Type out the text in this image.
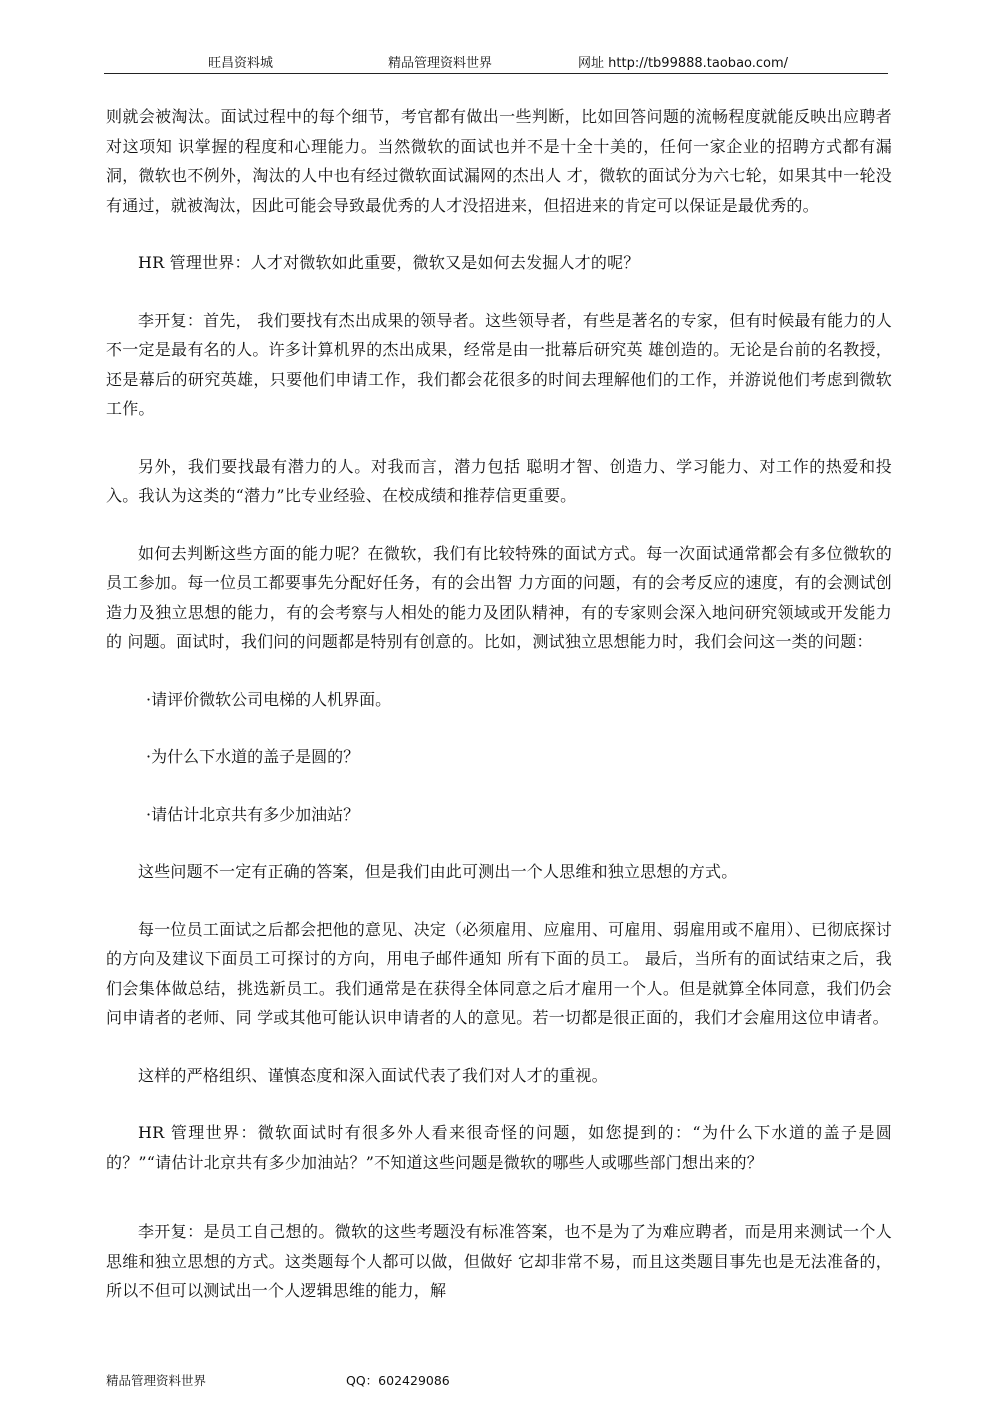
旺昌资料城	精品管理资料世界	网址 http://tb99888.taobao.com/

则就会被淘汰。面试过程中的每个细节，考官都有做出一些判断，比如回答问题的流畅程度就能反映出应聘者对这项知 识掌握的程度和心理能力。当然微软的面试也并不是十全十美的，任何一家企业的招聘方式都有漏洞，微软也不例外，淘汰的人中也有经过微软面试漏网的杰出人 才，微软的面试分为六七轮，如果其中一轮没有通过，就被淘汰，因此可能会导致最优秀的人才没招进来，但招进来的肯定可以保证是最优秀的。

HR 管理世界：人才对微软如此重要，微软又是如何去发掘人才的呢？

李开复：首先， 我们要找有杰出成果的领导者。这些领导者，有些是著名的专家，但有时候最有能力的人不一定是最有名的人。许多计算机界的杰出成果，经常是由一批幕后研究英 雄创造的。无论是台前的名教授，还是幕后的研究英雄，只要他们申请工作，我们都会花很多的时间去理解他们的工作，并游说他们考虑到微软工作。

另外，我们要找最有潜力的人。对我而言，潜力包括 聪明才智、创造力、学习能力、对工作的热爱和投入。我认为这类的“潜力”比专业经验、在校成绩和推荐信更重要。

如何去判断这些方面的能力呢？在微软，我们有比较特殊的面试方式。每一次面试通常都会有多位微软的员工参加。每一位员工都要事先分配好任务，有的会出智 力方面的问题，有的会考反应的速度，有的会测试创造力及独立思想的能力，有的会考察与人相处的能力及团队精神，有的专家则会深入地问研究领域或开发能力的 问题。面试时，我们问的问题都是特别有创意的。比如，测试独立思想能力时，我们会问这一类的问题：

·请评价微软公司电梯的人机界面。

·为什么下水道的盖子是圆的？

·请估计北京共有多少加油站？

这些问题不一定有正确的答案，但是我们由此可测出一个人思维和独立思想的方式。

每一位员工面试之后都会把他的意见、决定（必须雇用、应雇用、可雇用、弱雇用或不雇用）、已彻底探讨的方向及建议下面员工可探讨的方向，用电子邮件通知 所有下面的员工。 最后，当所有的面试结束之后，我们会集体做总结，挑选新员工。我们通常是在获得全体同意之后才雇用一个人。但是就算全体同意，我们仍会问申请者的老师、同 学或其他可能认识申请者的人的意见。若一切都是很正面的，我们才会雇用这位申请者。

这样的严格组织、谨慎态度和深入面试代表了我们对人才的重视。

HR 管理世界：微软面试时有很多外人看来很奇怪的问题，如您提到的：“为什么下水道的盖子是圆的？”“请估计北京共有多少加油站？”不知道这些问题是微软的哪些人或哪些部门想出来的？

李开复：是员工自己想的。微软的这些考题没有标准答案，也不是为了为难应聘者，而是用来测试一个人思维和独立思想的方式。这类题每个人都可以做，但做好 它却非常不易，而且这类题目事先也是无法准备的，所以不但可以测试出一个人逻辑思维的能力，解

精品管理资料世界	QQ：602429086
